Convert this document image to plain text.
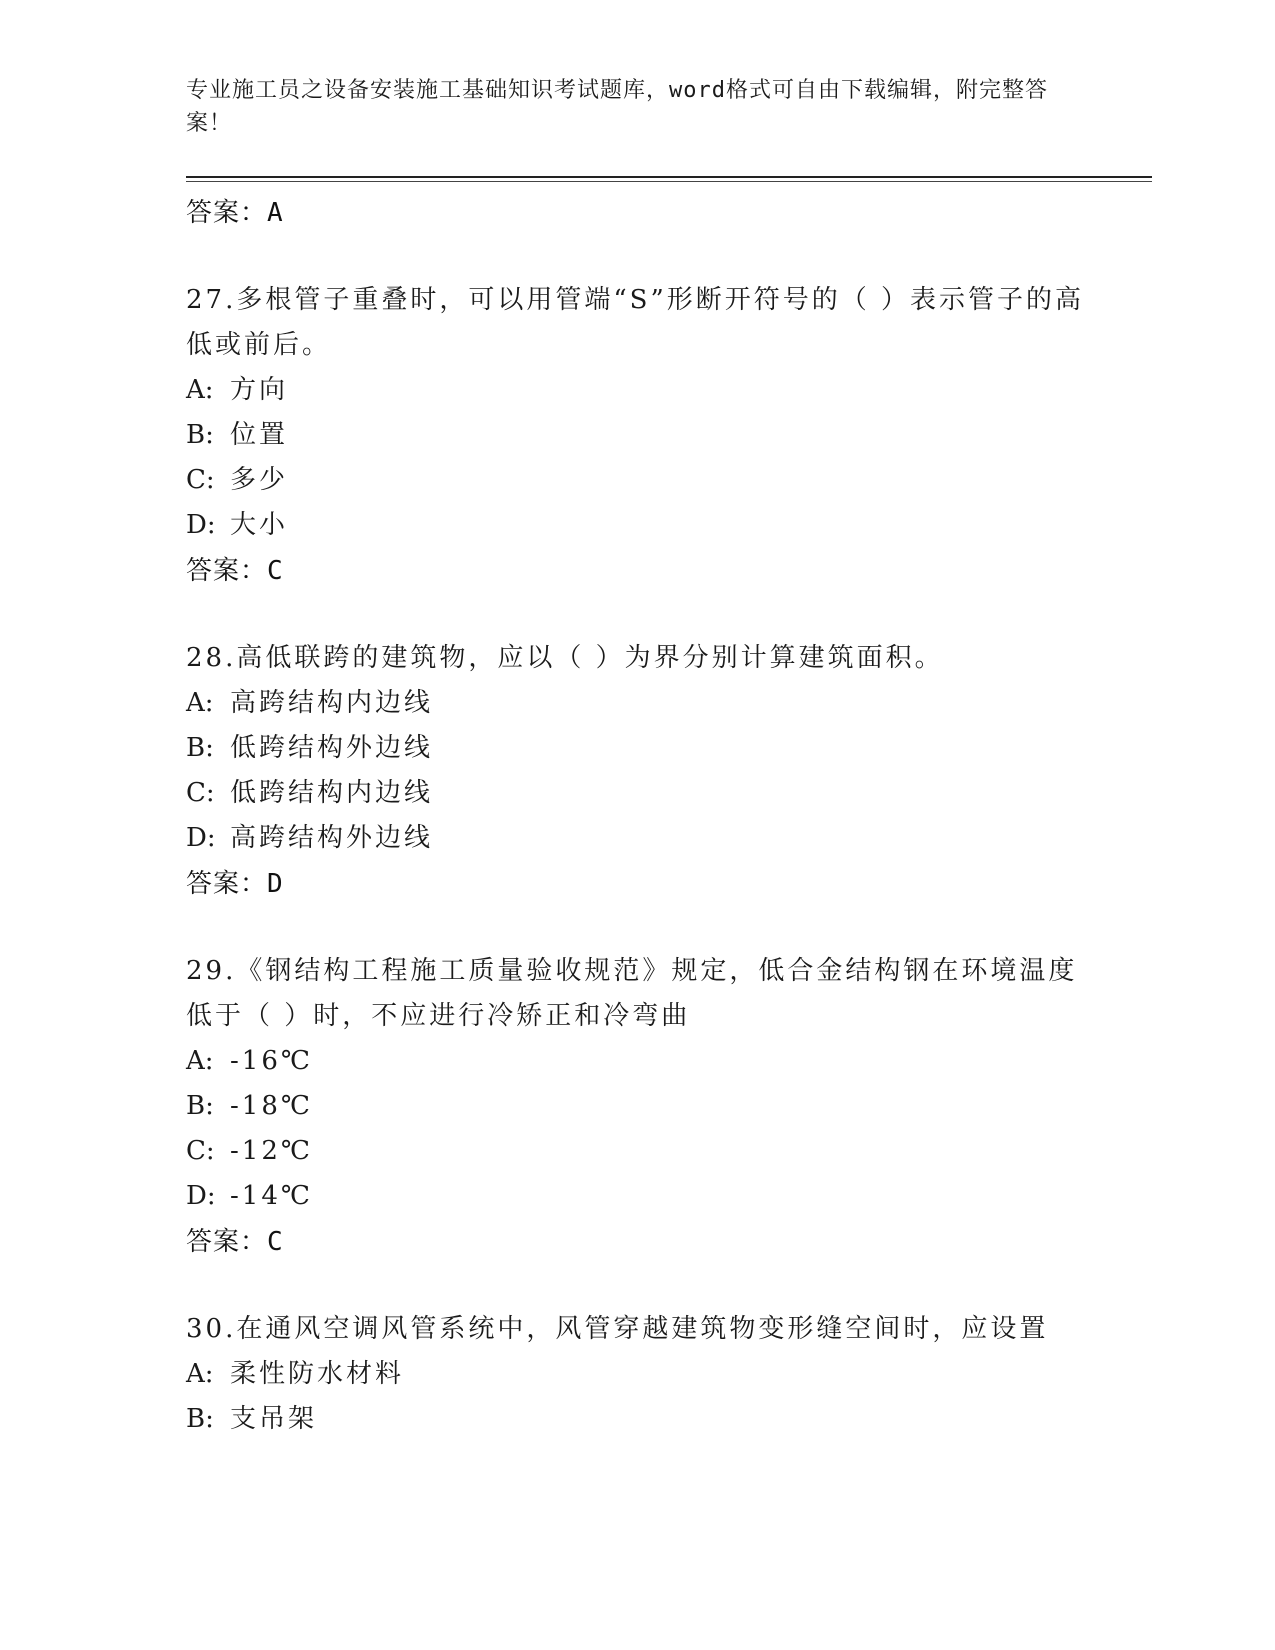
专业施工员之设备安装施工基础知识考试题库，word格式可自由下载编辑，附完整答案！
答案：A
27.多根管子重叠时，可以用管端“S”形断开符号的（ ）表示管子的高低或前后。
A: 方向
B: 位置
C: 多少
D: 大小
答案：C
28.高低联跨的建筑物，应以（ ）为界分别计算建筑面积。
A: 高跨结构内边线
B: 低跨结构外边线
C: 低跨结构内边线
D: 高跨结构外边线
答案：D
29.《钢结构工程施工质量验收规范》规定，低合金结构钢在环境温度低于（ ）时，不应进行冷矫正和冷弯曲
A: -16℃
B: -18℃
C: -12℃
D: -14℃
答案：C
30.在通风空调风管系统中，风管穿越建筑物变形缝空间时，应设置
A: 柔性防水材料
B: 支吊架
